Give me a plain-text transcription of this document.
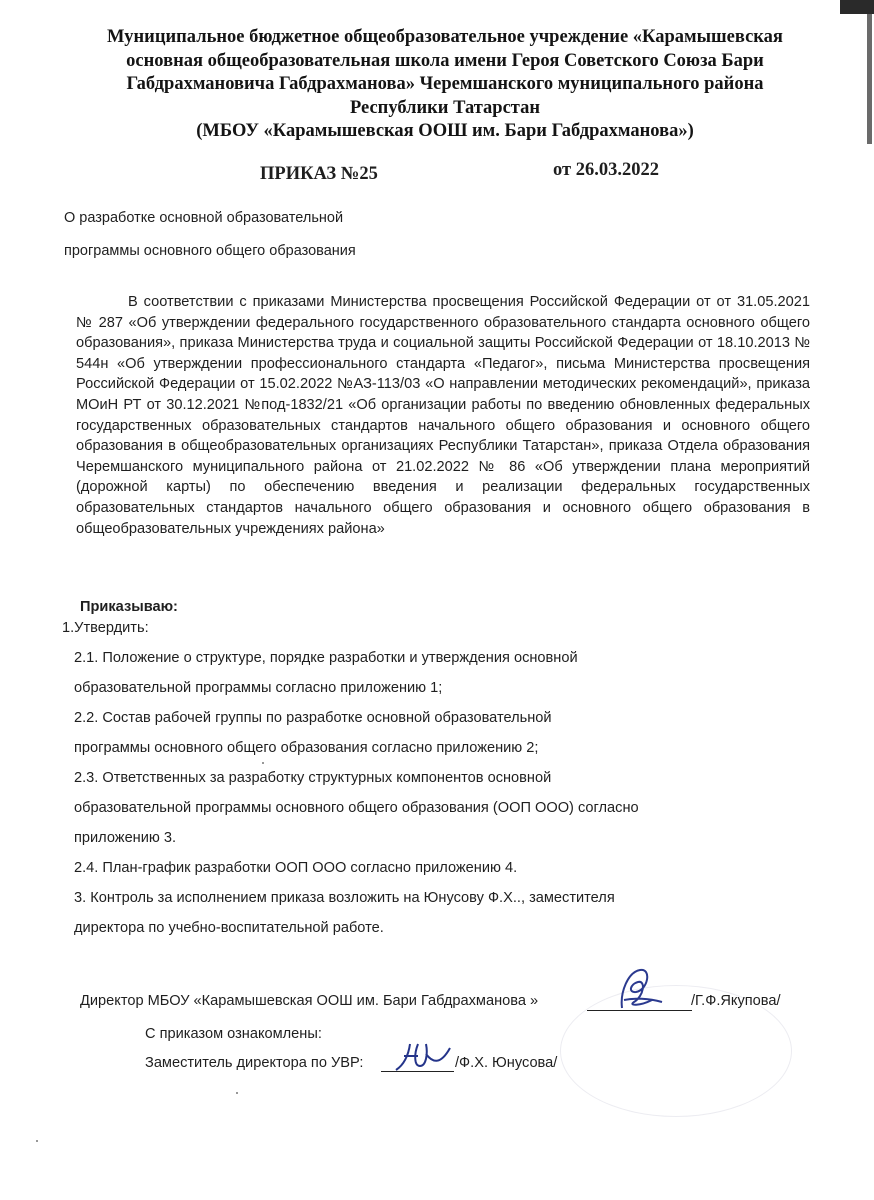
Муниципальное бюджетное общеобразовательное учреждение «Карамышевская
основная общеобразовательная школа имени Героя Советского Союза Бари
Габдрахмановича Габдрахманова» Черемшанского муниципального района
Республики Татарстан
(МБОУ «Карамышевская ООШ им. Бари Габдрахманова»)
ПРИКАЗ №25	от 26.03.2022
О разработке основной образовательной
программы основного общего образования
В соответствии с приказами Министерства просвещения Российской Федерации от от 31.05.2021 № 287 «Об утверждении федерального государственного образовательного стандарта основного общего образования», приказа Министерства труда и социальной защиты Российской Федерации от 18.10.2013 № 544н «Об утверждении профессионального стандарта «Педагог», письма Министерства просвещения Российской Федерации от 15.02.2022 №АЗ-113/03 «О направлении методических рекомендаций», приказа МОиН РТ от 30.12.2021 №под-1832/21 «Об организации работы по введению обновленных федеральных государственных образовательных стандартов начального общего образования и основного общего образования в общеобразовательных организациях Республики Татарстан», приказа Отдела образования Черемшанского муниципального района от 21.02.2022 № 86 «Об утверждении плана мероприятий (дорожной карты) по обеспечению введения и реализации федеральных государственных образовательных стандартов начального общего образования и основного общего образования в общеобразовательных учреждениях района»
Приказываю:
1.Утвердить:
2.1. Положение о структуре, порядке разработки и утверждения основной
образовательной программы согласно приложению 1;
2.2. Состав рабочей группы по разработке основной образовательной
программы основного общего образования согласно приложению 2;
2.3. Ответственных за разработку структурных компонентов основной
образовательной программы основного общего образования (ООП ООО) согласно
приложению 3.
2.4. План-график разработки ООП ООО согласно приложению 4.
3. Контроль за исполнением приказа возложить на Юнусову Ф.Х.., заместителя
директора по учебно-воспитательной работе.
Директор МБОУ «Карамышевская ООШ им. Бари Габдрахманова »	/Г.Ф.Якупова/
С приказом ознакомлены:
Заместитель директора по УВР:	/Ф.Х. Юнусова/
